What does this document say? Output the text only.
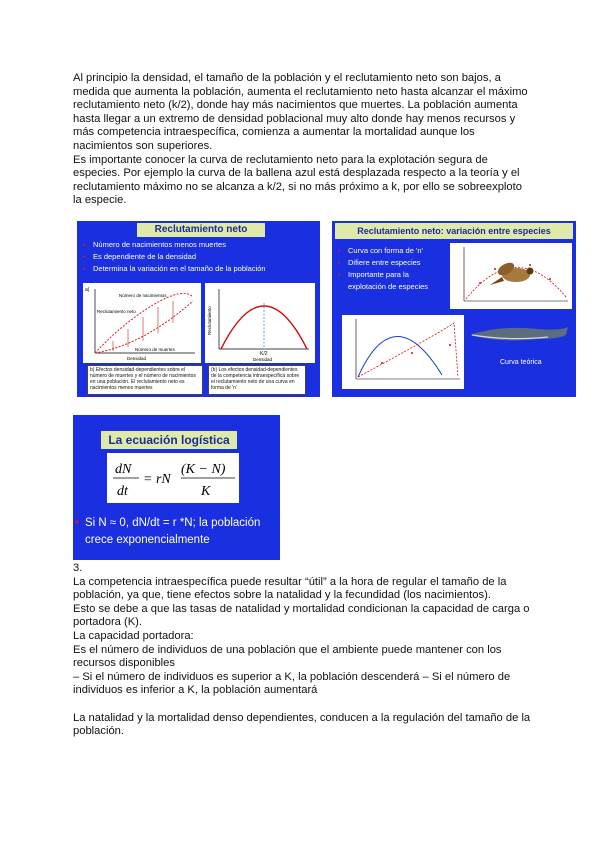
Al principio la densidad, el tamaño de la población y el reclutamiento neto son bajos, a medida que aumenta la población, aumenta el reclutamiento neto hasta alcanzar el máximo reclutamiento neto (k/2), donde hay más nacimientos que muertes. La población aumenta hasta llegar a un extremo de densidad poblacional muy alto donde hay menos recursos y más competencia intraespecífica, comienza a aumentar la mortalidad aunque los nacimientos son superiores.

Es importante conocer la curva de reclutamiento neto para la explotación segura de especies. Por ejemplo la curva de la ballena azul está desplazada respecto a la teoría y el reclutamiento máximo no se alcanza a k/2, si no más próximo a k, por ello se sobreexploto la especie.

Reclutamiento neto
• Número de nacimientos menos muertes
• Es dependiente de la densidad
• Determina la variación en el tamaño de la población
a)
Número de nacimientos
Reclutamiento neto
Número de muertes
Densidad
Reclutamiento
K/2
Densidad
b) Efectos densidad-dependientes sobre el número de muertes y el número de nacimientos en una población. El reclutamiento neto es nacimientos menos muertes
(b) Los efectos densidad-dependientes de la competencia intraespecífica sobre el reclutamiento neto de una curva en forma de 'n'
Reclutamiento neto: variación entre especies
• Curva con forma de 'n'
• Difiere entre especies
• Importante para la explotación de especies
Curva teórica
La ecuación logística
dN
dt
= rN
(K − N)
K
• Si N ≈ 0, dN/dt = r *N; la población crece exponencialmente

3.

La competencia intraespecífica puede resultar “útil” a la hora de regular el tamaño de la población, ya que, tiene efectos sobre la natalidad y la fecundidad (los nacimientos).

Esto se debe a que las tasas de natalidad y mortalidad condicionan la capacidad de carga o portadora (K).

La capacidad portadora:

Es el número de individuos de una población que el ambiente puede mantener con los recursos disponibles

– Si el número de individuos es superior a K, la población descenderá – Si el número de individuos es inferior a K, la población aumentará

La natalidad y la mortalidad denso dependientes, conducen a la regulación del tamaño de la población.
